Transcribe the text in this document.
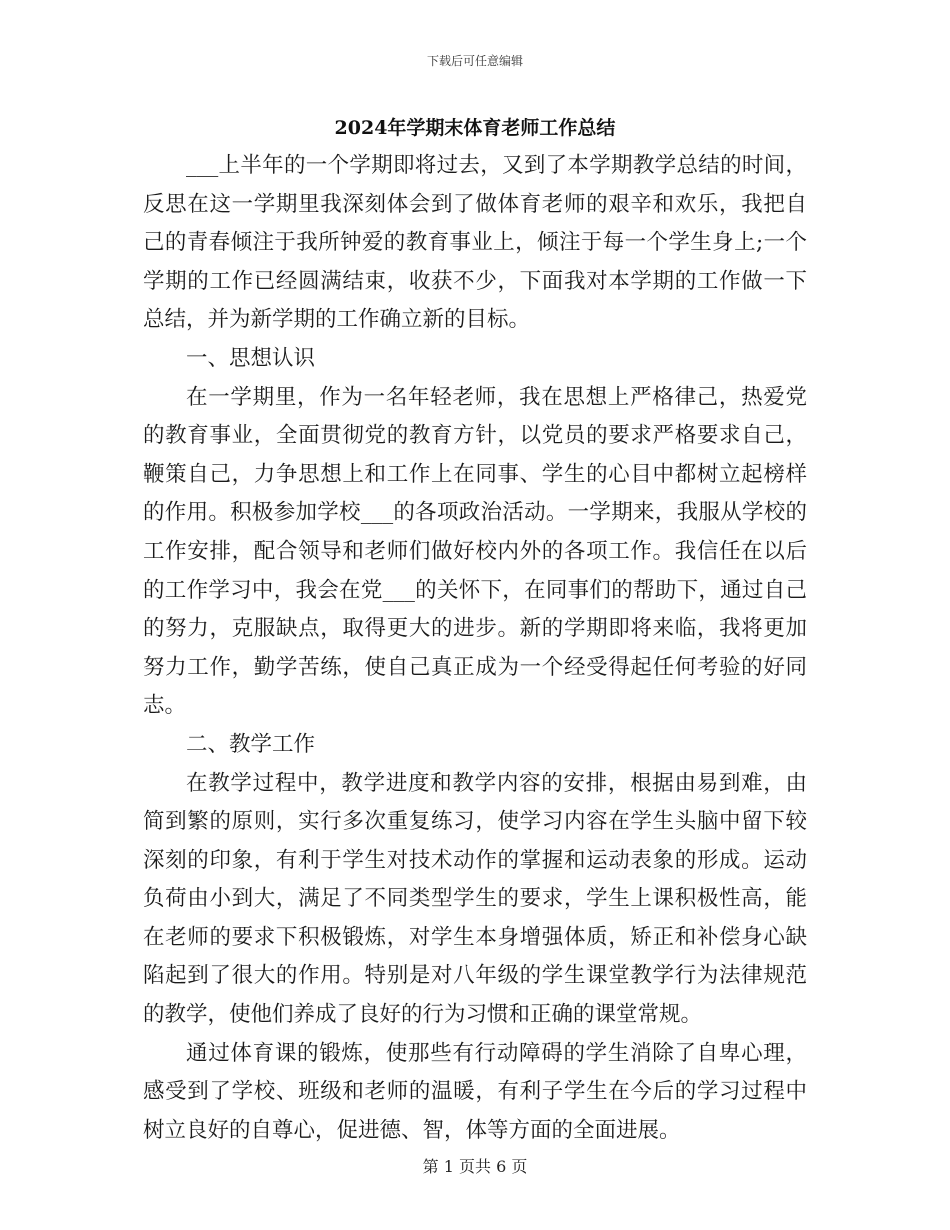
下载后可任意编辑
2024年学期末体育老师工作总结

___上半年的一个学期即将过去，又到了本学期教学总结的时间，反思在这一学期里我深刻体会到了做体育老师的艰辛和欢乐，我把自己的青春倾注于我所钟爱的教育事业上，倾注于每一个学生身上;一个学期的工作已经圆满结束，收获不少，下面我对本学期的工作做一下总结，并为新学期的工作确立新的目标。

一、思想认识

在一学期里，作为一名年轻老师，我在思想上严格律己，热爱党的教育事业，全面贯彻党的教育方针，以党员的要求严格要求自己，鞭策自己，力争思想上和工作上在同事、学生的心目中都树立起榜样的作用。积极参加学校___的各项政治活动。一学期来，我服从学校的工作安排，配合领导和老师们做好校内外的各项工作。我信任在以后的工作学习中，我会在党___的关怀下，在同事们的帮助下，通过自己的努力，克服缺点，取得更大的进步。新的学期即将来临，我将更加努力工作，勤学苦练，使自己真正成为一个经受得起任何考验的好同志。

二、教学工作

在教学过程中，教学进度和教学内容的安排，根据由易到难，由简到繁的原则，实行多次重复练习，使学习内容在学生头脑中留下较深刻的印象，有利于学生对技术动作的掌握和运动表象的形成。运动负荷由小到大，满足了不同类型学生的要求，学生上课积极性高，能在老师的要求下积极锻炼，对学生本身增强体质，矫正和补偿身心缺陷起到了很大的作用。特别是对八年级的学生课堂教学行为法律规范的教学，使他们养成了良好的行为习惯和正确的课堂常规。

通过体育课的锻炼，使那些有行动障碍的学生消除了自卑心理，感受到了学校、班级和老师的温暖，有利子学生在今后的学习过程中树立良好的自尊心，促进德、智，体等方面的全面进展。

第 1 页共 6 页
